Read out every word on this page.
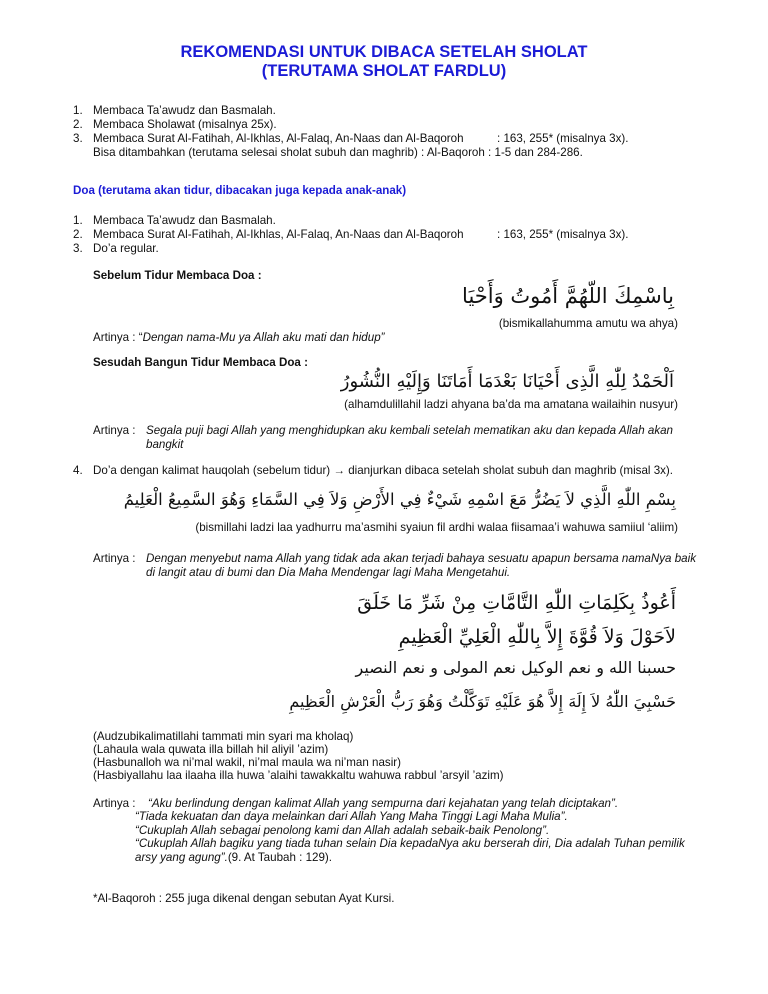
REKOMENDASI UNTUK DIBACA SETELAH SHOLAT
(TERUTAMA SHOLAT FARDLU)
1. Membaca Ta’awudz dan Basmalah.
2. Membaca Sholawat (misalnya 25x).
3. Membaca Surat Al-Fatihah, Al-Ikhlas, Al-Falaq, An-Naas dan Al-Baqoroh	: 163, 255* (misalnya 3x).
Bisa ditambahkan (terutama selesai sholat subuh dan maghrib) : Al-Baqoroh : 1-5 dan 284-286.
Doa (terutama akan tidur, dibacakan juga kepada anak-anak)
1. Membaca Ta’awudz dan Basmalah.
2. Membaca Surat Al-Fatihah, Al-Ikhlas, Al-Falaq, An-Naas dan Al-Baqoroh	: 163, 255* (misalnya 3x).
3. Do’a regular.
Sebelum Tidur Membaca Doa :
بِاسْمِكَ اللّهُمَّ أَمُوتُ وَأَحْيَا
(bismikallahumma amutu wa ahya)
Artinya : “Dengan nama-Mu ya Allah aku mati dan hidup”
Sesudah Bangun Tidur Membaca Doa :
اَلْحَمْدُ لِلّٰهِ الَّذِى أَحْيَانَا بَعْدَمَا أَمَاتَنَا وَإِلَيْهِ النُّشُورُ
(alhamdulillahil ladzi ahyana ba’da ma amatana wailaihin nusyur)
Artinya : Segala puji bagi Allah yang menghidupkan aku kembali setelah mematikan aku dan kepada Allah akan bangkit
4. Do’a dengan kalimat hauqolah (sebelum tidur) → dianjurkan dibaca setelah sholat subuh dan maghrib (misal 3x).
بِسْمِ اللّٰهِ الَّذِي لاَ يَضُرُّ مَعَ اسْمِهِ شَيْءٌ فِي الأَرْضِ وَلاَ فِي السَّمَاءِ وَهُوَ السَّمِيعُ الْعَلِيمُ
(bismillahi ladzi laa yadhurru ma’asmihi syaiun fil ardhi walaa fiisamaa’i wahuwa samiiul ‘aliim)
Artinya : Dengan menyebut nama Allah yang tidak ada akan terjadi bahaya sesuatu apapun bersama namaNya baik di langit atau di bumi dan Dia Maha Mendengar lagi Maha Mengetahui.
أَعُوذُ بِكَلِمَاتِ اللّٰهِ التَّامَّاتِ مِنْ شَرِّ مَا خَلَقَ
لاَحَوْلَ وَلاَ قُوَّةَ إِلاَّ بِاللّٰهِ الْعَلِيِّ الْعَظِيمِ
حسبنا الله و نعم الوكيل نعم المولى و نعم النصير
حَسْبِيَ اللّٰهُ لاَ إِلَهَ إِلاَّ هُوَ عَلَيْهِ تَوَكَّلْتُ وَهُوَ رَبُّ الْعَرْشِ الْعَظِيمِ
(Audzubikalimatillahi tammati min syari ma kholaq)
(Lahaula wala quwata illa billah hil aliyil ’azim)
(Hasbunalloh wa ni’mal wakil, ni’mal maula wa ni’man nasir)
(Hasbiyallahu laa ilaaha illa huwa ’alaihi tawakkaltu wahuwa rabbul ’arsyil ’azim)
Artinya : “Aku berlindung dengan kalimat Allah yang sempurna dari kejahatan yang telah diciptakan”.
“Tiada kekuatan dan daya melainkan dari Allah Yang Maha Tinggi Lagi Maha Mulia”.
“Cukuplah Allah sebagai penolong kami dan Allah adalah sebaik-baik Penolong”.
“Cukuplah Allah bagiku yang tiada tuhan selain Dia kepadaNya aku berserah diri, Dia adalah Tuhan pemilik arsy yang agung”.(9. At Taubah : 129).
*Al-Baqoroh : 255 juga dikenal dengan sebutan Ayat Kursi.
